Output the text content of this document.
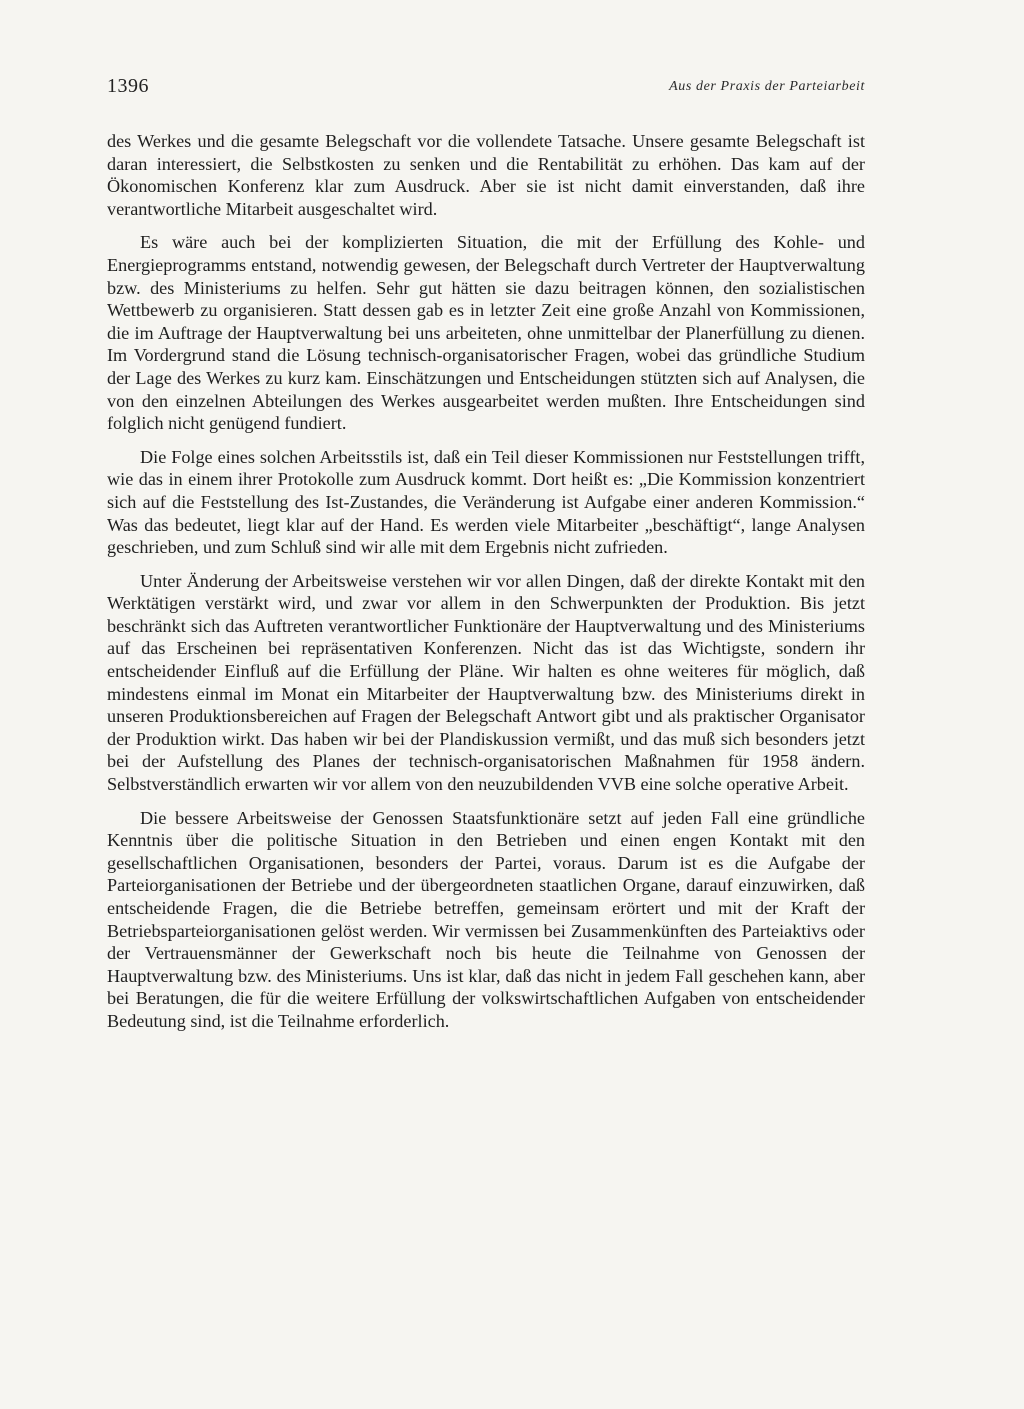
1396	Aus der Praxis der Parteiarbeit

des Werkes und die gesamte Belegschaft vor die vollendete Tatsache. Unsere gesamte Belegschaft ist daran interessiert, die Selbstkosten zu senken und die Rentabilität zu erhöhen. Das kam auf der Ökonomischen Konferenz klar zum Ausdruck. Aber sie ist nicht damit einverstanden, daß ihre verantwortliche Mitarbeit ausgeschaltet wird.

Es wäre auch bei der komplizierten Situation, die mit der Erfüllung des Kohle- und Energieprogramms entstand, notwendig gewesen, der Belegschaft durch Vertreter der Hauptverwaltung bzw. des Ministeriums zu helfen. Sehr gut hätten sie dazu beitragen können, den sozialistischen Wettbewerb zu organisieren. Statt dessen gab es in letzter Zeit eine große Anzahl von Kommissionen, die im Auftrage der Hauptverwaltung bei uns arbeiteten, ohne unmittelbar der Planerfüllung zu dienen. Im Vordergrund stand die Lösung technisch-organisatorischer Fragen, wobei das gründliche Studium der Lage des Werkes zu kurz kam. Einschätzungen und Entscheidungen stützten sich auf Analysen, die von den einzelnen Abteilungen des Werkes ausgearbeitet werden mußten. Ihre Entscheidungen sind folglich nicht genügend fundiert.

Die Folge eines solchen Arbeitsstils ist, daß ein Teil dieser Kommissionen nur Feststellungen trifft, wie das in einem ihrer Protokolle zum Ausdruck kommt. Dort heißt es: „Die Kommission konzentriert sich auf die Feststellung des Ist-Zustandes, die Veränderung ist Aufgabe einer anderen Kommission.“ Was das bedeutet, liegt klar auf der Hand. Es werden viele Mitarbeiter „beschäftigt“, lange Analysen geschrieben, und zum Schluß sind wir alle mit dem Ergebnis nicht zufrieden.

Unter Änderung der Arbeitsweise verstehen wir vor allen Dingen, daß der direkte Kontakt mit den Werktätigen verstärkt wird, und zwar vor allem in den Schwerpunkten der Produktion. Bis jetzt beschränkt sich das Auftreten verantwortlicher Funktionäre der Hauptverwaltung und des Ministeriums auf das Erscheinen bei repräsentativen Konferenzen. Nicht das ist das Wichtigste, sondern ihr entscheidender Einfluß auf die Erfüllung der Pläne. Wir halten es ohne weiteres für möglich, daß mindestens einmal im Monat ein Mitarbeiter der Hauptverwaltung bzw. des Ministeriums direkt in unseren Produktionsbereichen auf Fragen der Belegschaft Antwort gibt und als praktischer Organisator der Produktion wirkt. Das haben wir bei der Plandiskussion vermißt, und das muß sich besonders jetzt bei der Aufstellung des Planes der technisch-organisatorischen Maßnahmen für 1958 ändern. Selbstverständlich erwarten wir vor allem von den neuzubildenden VVB eine solche operative Arbeit.

Die bessere Arbeitsweise der Genossen Staatsfunktionäre setzt auf jeden Fall eine gründliche Kenntnis über die politische Situation in den Betrieben und einen engen Kontakt mit den gesellschaftlichen Organisationen, besonders der Partei, voraus. Darum ist es die Aufgabe der Parteiorganisationen der Betriebe und der übergeordneten staatlichen Organe, darauf einzuwirken, daß entscheidende Fragen, die die Betriebe betreffen, gemeinsam erörtert und mit der Kraft der Betriebsparteiorganisationen gelöst werden. Wir vermissen bei Zusammenkünften des Parteiaktivs oder der Vertrauensmänner der Gewerkschaft noch bis heute die Teilnahme von Genossen der Hauptverwaltung bzw. des Ministeriums. Uns ist klar, daß das nicht in jedem Fall geschehen kann, aber bei Beratungen, die für die weitere Erfüllung der volkswirtschaftlichen Aufgaben von entscheidender Bedeutung sind, ist die Teilnahme erforderlich.
